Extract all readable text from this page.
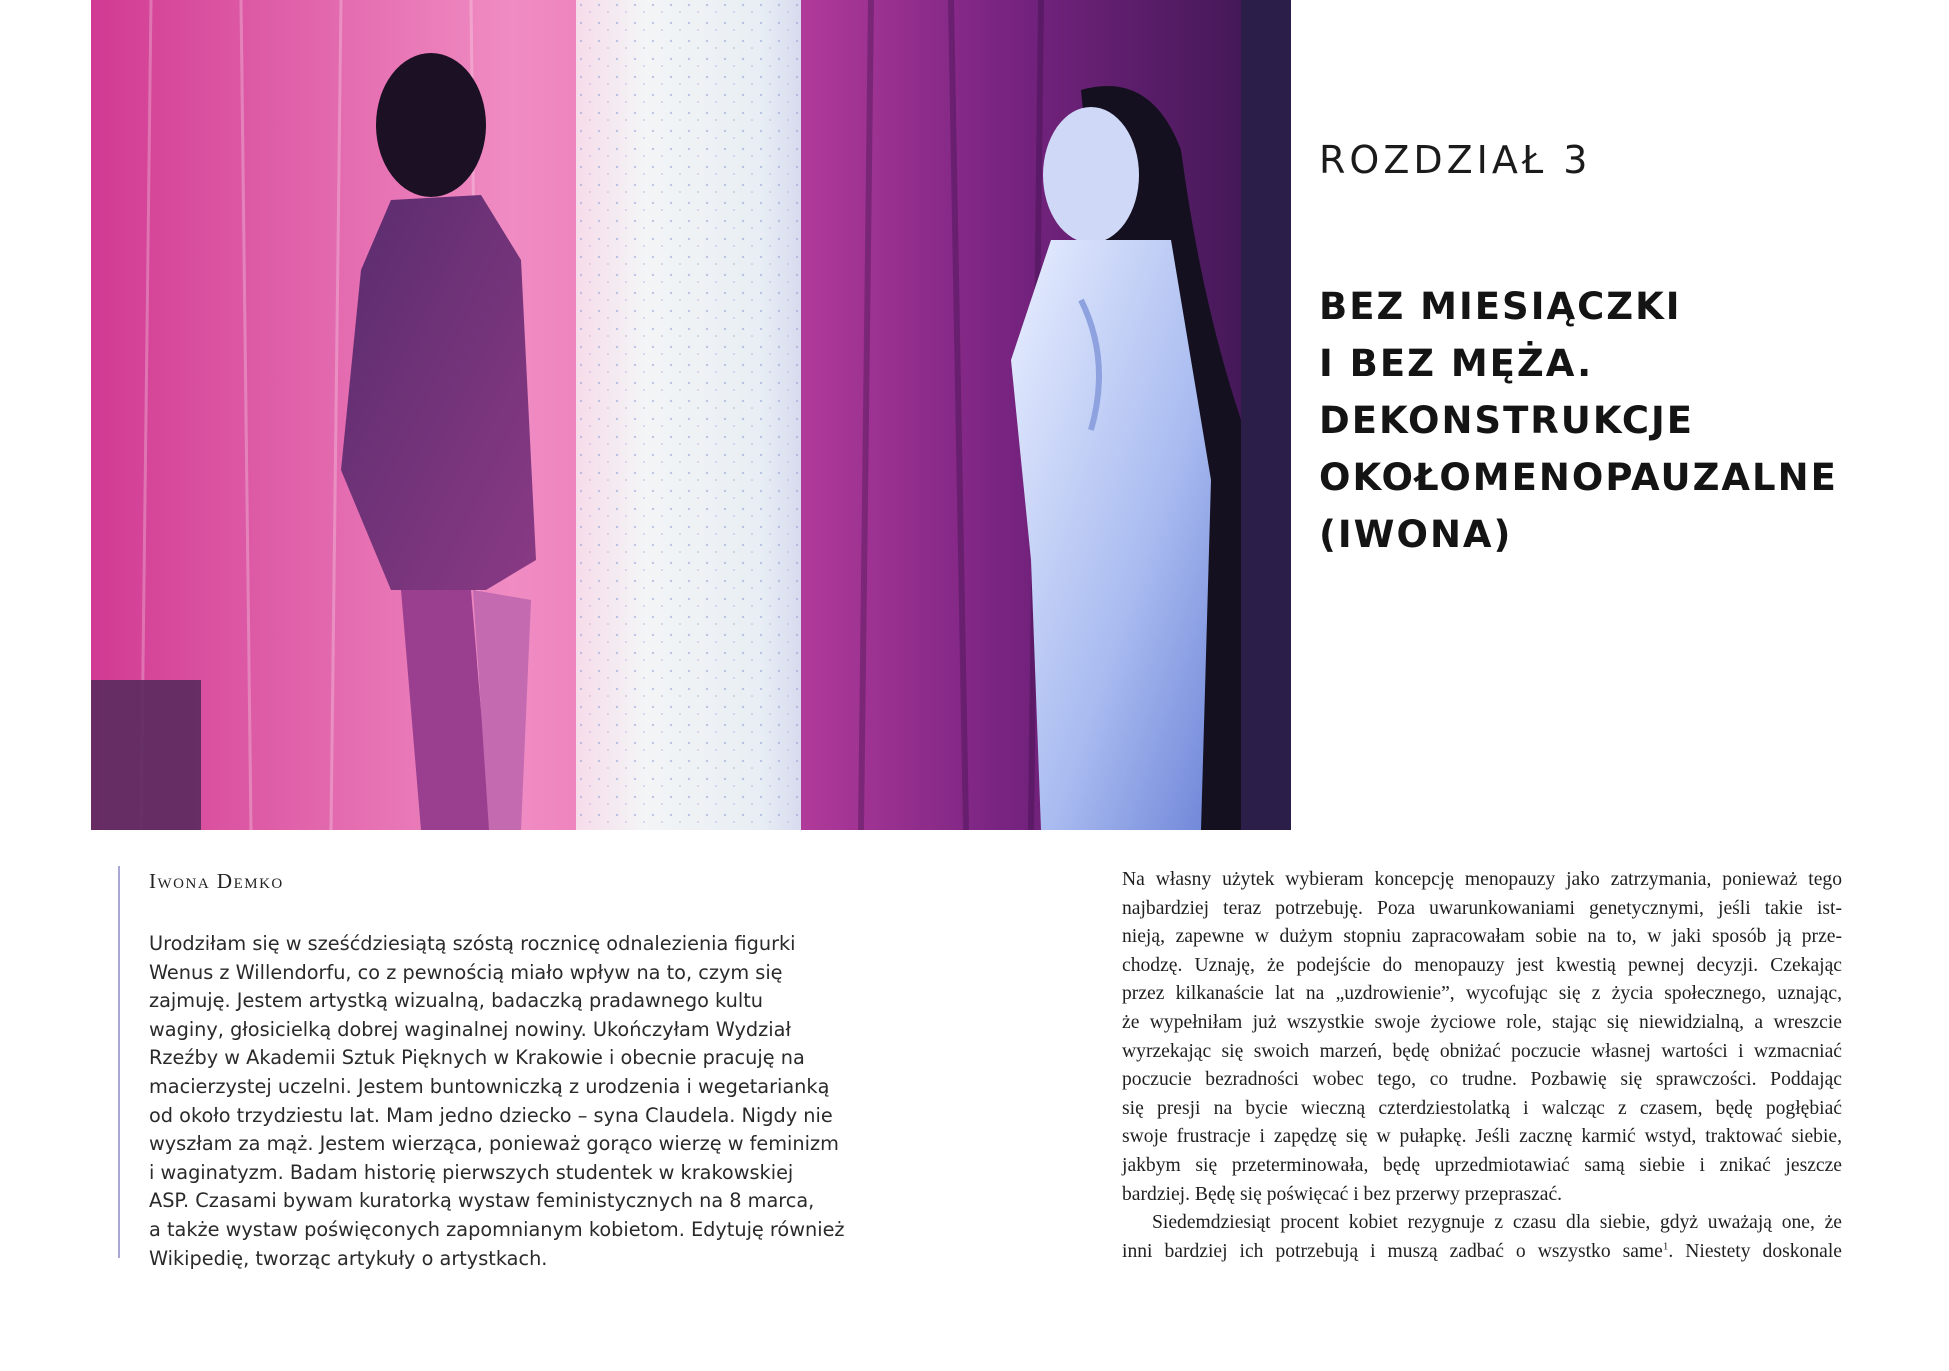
ROZDZIAŁ 3
BEZ MIESIĄCZKI
I BEZ MĘŻA.
DEKONSTRUKCJE
OKOŁOMENOPAUZALNE
(IWONA)

Iwona Demko

Urodziłam się w sześćdziesiątą szóstą rocznicę odnalezienia figurki
Wenus z Willendorfu, co z pewnością miało wpływ na to, czym się
zajmuję. Jestem artystką wizualną, badaczką pradawnego kultu
waginy, głosicielką dobrej waginalnej nowiny. Ukończyłam Wydział
Rzeźby w Akademii Sztuk Pięknych w Krakowie i obecnie pracuję na
macierzystej uczelni. Jestem buntowniczką z urodzenia i wegetarianką
od około trzydziestu lat. Mam jedno dziecko – syna Claudela. Nigdy nie
wyszłam za mąż. Jestem wierząca, ponieważ gorąco wierzę w feminizm
i waginatyzm. Badam historię pierwszych studentek w krakowskiej
ASP. Czasami bywam kuratorką wystaw feministycznych na 8 marca,
a także wystaw poświęconych zapomnianym kobietom. Edytuję również
Wikipedię, tworząc artykuły o artystkach.

Na własny użytek wybieram koncepcję menopauzy jako zatrzymania, ponieważ tego
najbardziej teraz potrzebuję. Poza uwarunkowaniami genetycznymi, jeśli takie ist-
nieją, zapewne w dużym stopniu zapracowałam sobie na to, w jaki sposób ją prze-
chodzę. Uznaję, że podejście do menopauzy jest kwestią pewnej decyzji. Czekając
przez kilkanaście lat na „uzdrowienie”, wycofując się z życia społecznego, uznając,
że wypełniłam już wszystkie swoje życiowe role, stając się niewidzialną, a wreszcie
wyrzekając się swoich marzeń, będę obniżać poczucie własnej wartości i wzmacniać
poczucie bezradności wobec tego, co trudne. Pozbawię się sprawczości. Poddając
się presji na bycie wieczną czterdziestolatką i walcząc z czasem, będę pogłębiać
swoje frustracje i zapędzę się w pułapkę. Jeśli zacznę karmić wstyd, traktować siebie,
jakbym się przeterminowała, będę uprzedmiotawiać samą siebie i znikać jeszcze
bardziej. Będę się poświęcać i bez przerwy przepraszać.
Siedemdziesiąt procent kobiet rezygnuje z czasu dla siebie, gdyż uważają one, że
inni bardziej ich potrzebują i muszą zadbać o wszystko same$^1$. Niestety doskonale
